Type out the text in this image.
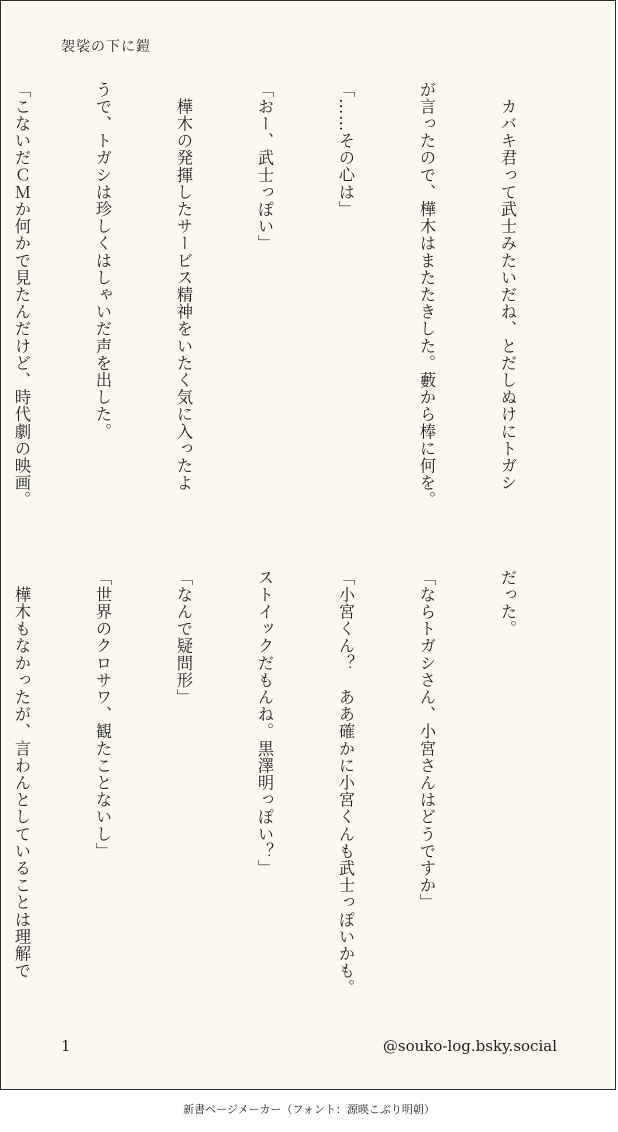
袈裟の下に鎧

　カバキ君って武士みたいだね、とだしぬけにトガシ

が言ったので、樺木はまたたきした。藪から棒に何を。

「……その心は」

「おー、武士っぽい」

　樺木の発揮したサービス精神をいたく気に入ったよ

うで、トガシは珍しくはしゃいだ声を出した。

「こないだＣＭか何かで見たんだけど、時代劇の映画。

だった。

「ならトガシさん、小宮さんはどうですか」

「小宮くん？　ああ確かに小宮くんも武士っぽいかも。

ストイックだもんね。黒澤明っぽい？」

「なんで疑問形」

「世界のクロサワ、観たことないし」

　樺木もなかったが、言わんとしていることは理解で

1	@souko-log.bsky.social
新書ページメーカー（フォント：源暎こぶり明朝）
